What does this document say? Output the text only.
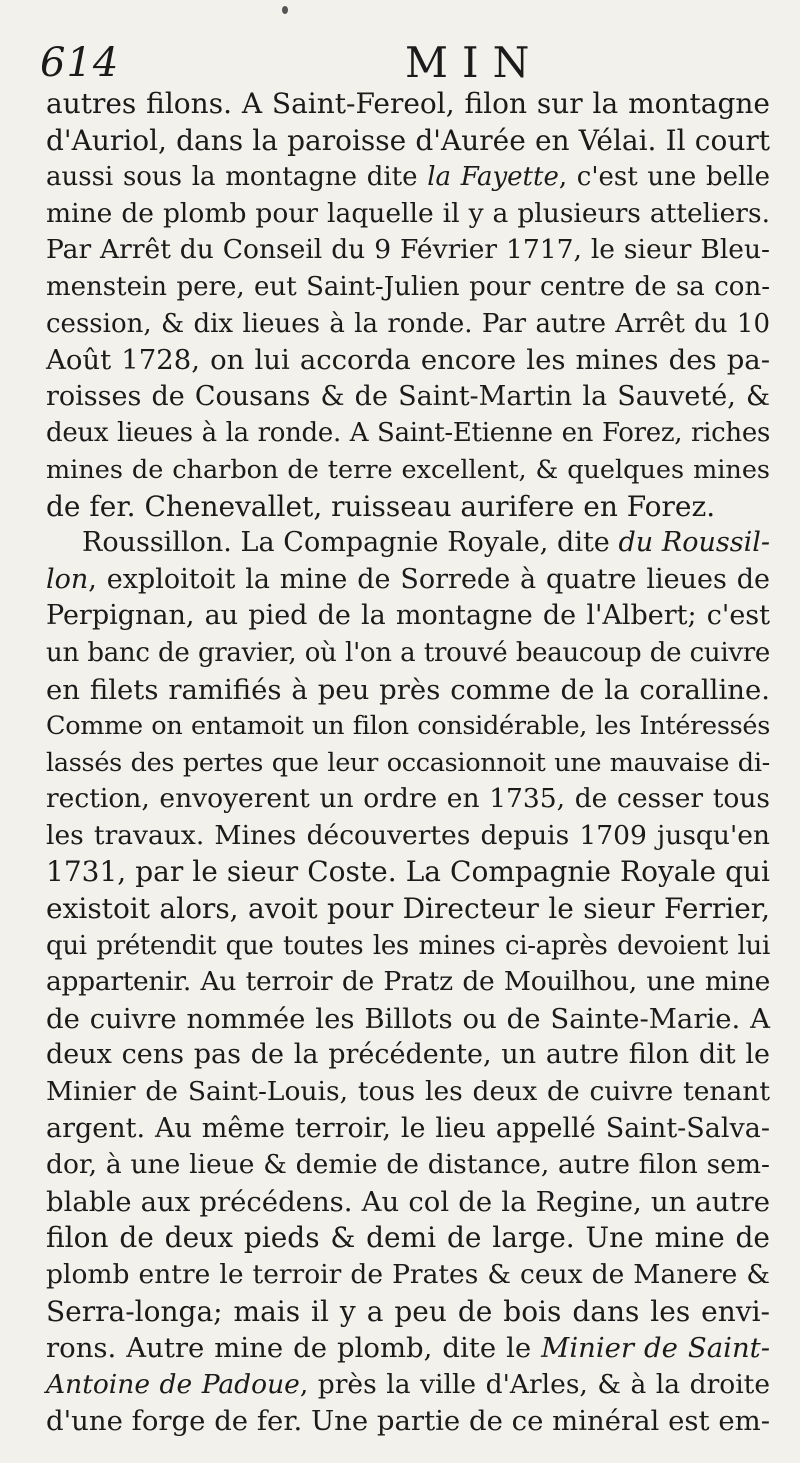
614	MIN
autres filons. A Saint-Fereol, filon sur la montagne
d'Auriol, dans la paroisse d'Aurée en Vélai. Il court
aussi sous la montagne dite la Fayette, c'est une belle
mine de plomb pour laquelle il y a plusieurs atteliers.
Par Arrêt du Conseil du 9 Février 1717, le sieur Bleu-
menstein pere, eut Saint-Julien pour centre de sa con-
cession, & dix lieues à la ronde. Par autre Arrêt du 10
Août 1728, on lui accorda encore les mines des pa-
roisses de Cousans & de Saint-Martin la Sauveté, &
deux lieues à la ronde. A Saint-Etienne en Forez, riches
mines de charbon de terre excellent, & quelques mines
de fer. Chenevallet, ruisseau aurifere en Forez.
Roussillon. La Compagnie Royale, dite du Roussil-
lon, exploitoit la mine de Sorrede à quatre lieues de
Perpignan, au pied de la montagne de l'Albert; c'est
un banc de gravier, où l'on a trouvé beaucoup de cuivre
en filets ramifiés à peu près comme de la coralline.
Comme on entamoit un filon considérable, les Intéressés
lassés des pertes que leur occasionnoit une mauvaise di-
rection, envoyerent un ordre en 1735, de cesser tous
les travaux. Mines découvertes depuis 1709 jusqu'en
1731, par le sieur Coste. La Compagnie Royale qui
existoit alors, avoit pour Directeur le sieur Ferrier,
qui prétendit que toutes les mines ci-après devoient lui
appartenir. Au terroir de Pratz de Mouilhou, une mine
de cuivre nommée les Billots ou de Sainte-Marie. A
deux cens pas de la précédente, un autre filon dit le
Minier de Saint-Louis, tous les deux de cuivre tenant
argent. Au même terroir, le lieu appellé Saint-Salva-
dor, à une lieue & demie de distance, autre filon sem-
blable aux précédens. Au col de la Regine, un autre
filon de deux pieds & demi de large. Une mine de
plomb entre le terroir de Prates & ceux de Manere &
Serra-longa; mais il y a peu de bois dans les envi-
rons. Autre mine de plomb, dite le Minier de Saint-
Antoine de Padoue, près la ville d'Arles, & à la droite
d'une forge de fer. Une partie de ce minéral est em-
